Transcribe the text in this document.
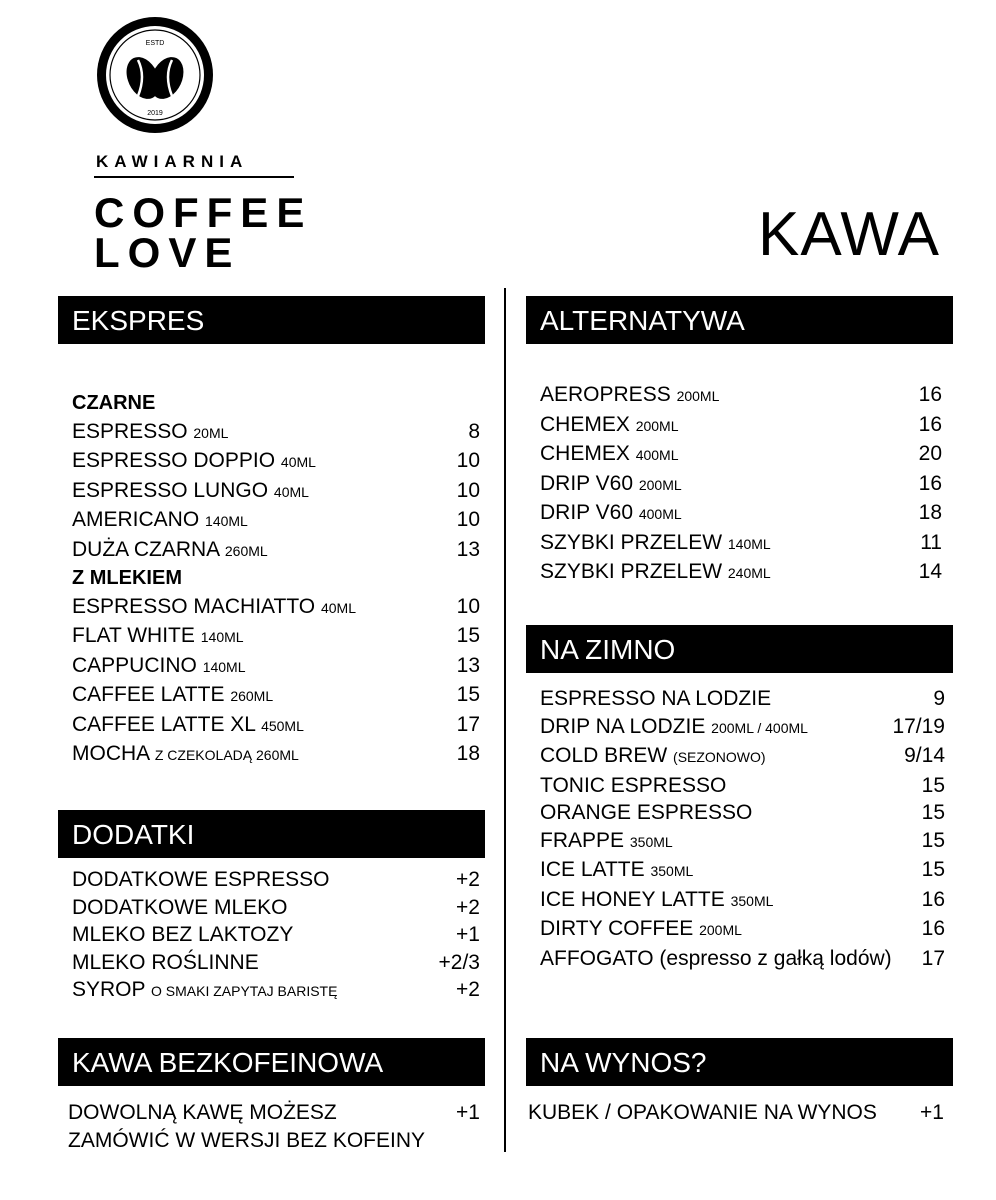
ESTD
2019
KAWIARNIA
COFFEE
LOVE	KAWA
EKSPRES
CZARNE
ESPRESSO 20ML	8
ESPRESSO DOPPIO 40ML	10
ESPRESSO LUNGO 40ML	10
AMERICANO 140ML	10
DUŻA CZARNA 260ML	13
Z MLEKIEM
ESPRESSO MACHIATTO 40ML	10
FLAT WHITE 140ML	15
CAPPUCINO 140ML	13
CAFFEE LATTE 260ML	15
CAFFEE LATTE XL 450ML	17
MOCHA Z CZEKOLADĄ 260ML	18
DODATKI
DODATKOWE ESPRESSO	+2
DODATKOWE MLEKO	+2
MLEKO BEZ LAKTOZY	+1
MLEKO ROŚLINNE	+2/3
SYROP O SMAKI ZAPYTAJ BARISTĘ	+2
KAWA BEZKOFEINOWA
DOWOLNĄ KAWĘ MOŻESZ	+1
ZAMÓWIĆ W WERSJI BEZ KOFEINY
ALTERNATYWA
AEROPRESS 200ML	16
CHEMEX 200ML	16
CHEMEX 400ML	20
DRIP V60 200ML	16
DRIP V60 400ML	18
SZYBKI PRZELEW 140ML	11
SZYBKI PRZELEW 240ML	14
NA ZIMNO
ESPRESSO NA LODZIE	9
DRIP NA LODZIE 200ML / 400ML	17/19
COLD BREW (SEZONOWO)	9/14
TONIC ESPRESSO	15
ORANGE ESPRESSO	15
FRAPPE 350ML	15
ICE LATTE 350ML	15
ICE HONEY LATTE 350ML	16
DIRTY COFFEE 200ML	16
AFFOGATO (espresso z gałką lodów) 17
NA WYNOS?
KUBEK / OPAKOWANIE NA WYNOS +1
